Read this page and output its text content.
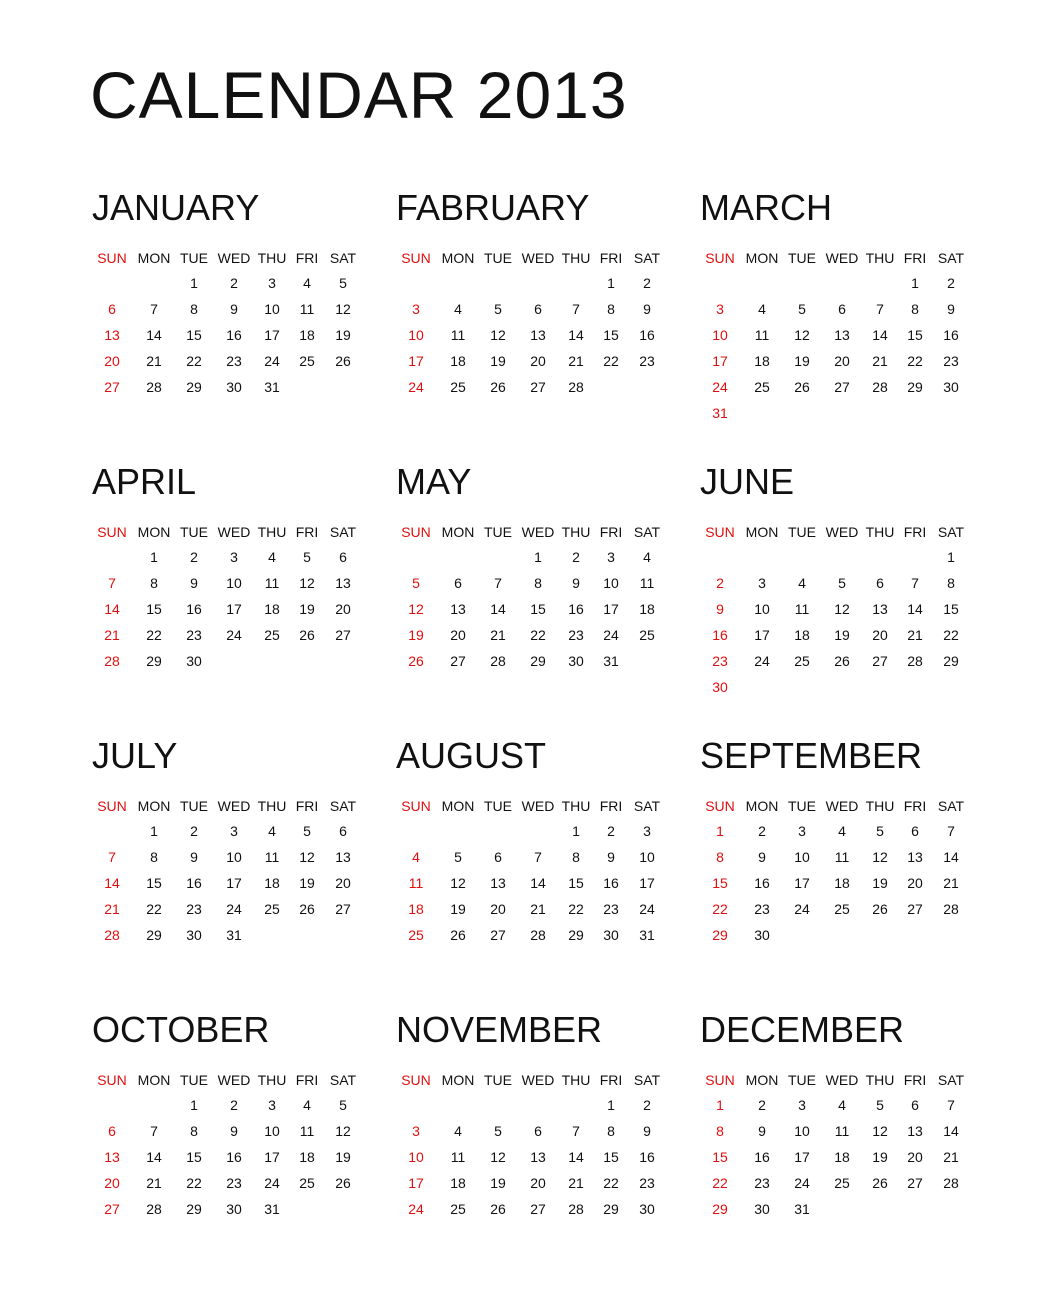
CALENDAR 2013
JANUARY
SUN	MON	TUE	WED	THU	FRI	SAT
		1	2	3	4	5
6	7	8	9	10	11	12
13	14	15	16	17	18	19
20	21	22	23	24	25	26
27	28	29	30	31		
FABRUARY
SUN	MON	TUE	WED	THU	FRI	SAT
					1	2
3	4	5	6	7	8	9
10	11	12	13	14	15	16
17	18	19	20	21	22	23
24	25	26	27	28		
MARCH
SUN	MON	TUE	WED	THU	FRI	SAT
					1	2
3	4	5	6	7	8	9
10	11	12	13	14	15	16
17	18	19	20	21	22	23
24	25	26	27	28	29	30
31						
APRIL
SUN	MON	TUE	WED	THU	FRI	SAT
	1	2	3	4	5	6
7	8	9	10	11	12	13
14	15	16	17	18	19	20
21	22	23	24	25	26	27
28	29	30				
MAY
SUN	MON	TUE	WED	THU	FRI	SAT
			1	2	3	4
5	6	7	8	9	10	11
12	13	14	15	16	17	18
19	20	21	22	23	24	25
26	27	28	29	30	31	
JUNE
SUN	MON	TUE	WED	THU	FRI	SAT
						1
2	3	4	5	6	7	8
9	10	11	12	13	14	15
16	17	18	19	20	21	22
23	24	25	26	27	28	29
30						
JULY
SUN	MON	TUE	WED	THU	FRI	SAT
	1	2	3	4	5	6
7	8	9	10	11	12	13
14	15	16	17	18	19	20
21	22	23	24	25	26	27
28	29	30	31			
AUGUST
SUN	MON	TUE	WED	THU	FRI	SAT
				1	2	3
4	5	6	7	8	9	10
11	12	13	14	15	16	17
18	19	20	21	22	23	24
25	26	27	28	29	30	31
SEPTEMBER
SUN	MON	TUE	WED	THU	FRI	SAT
1	2	3	4	5	6	7
8	9	10	11	12	13	14
15	16	17	18	19	20	21
22	23	24	25	26	27	28
29	30					
OCTOBER
SUN	MON	TUE	WED	THU	FRI	SAT
		1	2	3	4	5
6	7	8	9	10	11	12
13	14	15	16	17	18	19
20	21	22	23	24	25	26
27	28	29	30	31		
NOVEMBER
SUN	MON	TUE	WED	THU	FRI	SAT
					1	2
3	4	5	6	7	8	9
10	11	12	13	14	15	16
17	18	19	20	21	22	23
24	25	26	27	28	29	30
DECEMBER
SUN	MON	TUE	WED	THU	FRI	SAT
1	2	3	4	5	6	7
8	9	10	11	12	13	14
15	16	17	18	19	20	21
22	23	24	25	26	27	28
29	30	31				
